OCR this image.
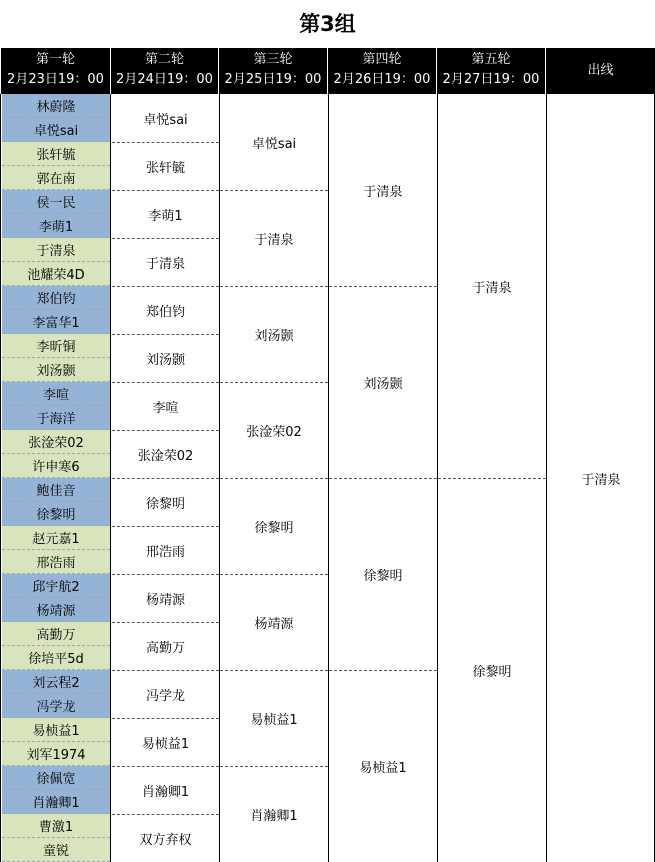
第3组
第一轮
2月23日19：00
第二轮
2月24日19：00
第三轮
2月25日19：00
第四轮
2月26日19：00
第五轮
2月27日19：00
出线
林蔚隆
卓悦sai
张轩毓
郭在南
侯一民
李萌1
于清泉
池耀荣4D
郑伯钧
李富华1
李昕铜
刘汤颢
李喧
于海洋
张淦荣02
许申寒6
鲍佳音
徐黎明
赵元嘉1
邢浩雨
邱宇航2
杨靖源
高勤万
徐培平5d
刘云程2
冯学龙
易桢益1
刘军1974
徐佩宽
肖瀚卿1
曹激1
童锐
卓悦sai
张轩毓
李萌1
于清泉
郑伯钧
刘汤颢
李喧
张淦荣02
徐黎明
邢浩雨
杨靖源
高勤万
冯学龙
易桢益1
肖瀚卿1
双方弃权
卓悦sai
于清泉
刘汤颢
张淦荣02
徐黎明
杨靖源
易桢益1
肖瀚卿1
于清泉
刘汤颢
徐黎明
易桢益1
于清泉
徐黎明
于清泉
